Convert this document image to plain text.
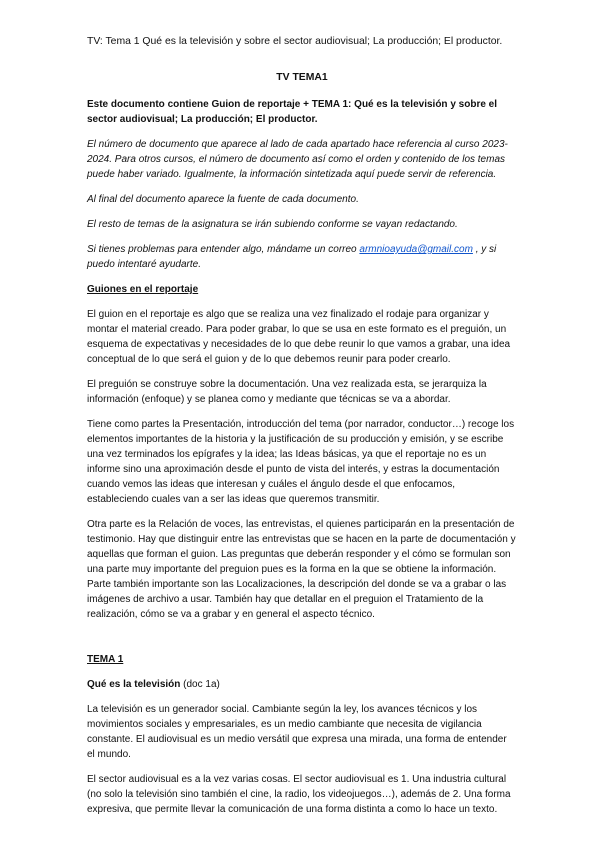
TV: Tema 1 Qué es la televisión y sobre el sector audiovisual; La producción; El productor.
TV TEMA1

Este documento contiene Guion de reportaje + TEMA 1: Qué es la televisión y sobre el sector audiovisual; La producción; El productor.

El número de documento que aparece al lado de cada apartado hace referencia al curso 2023-2024. Para otros cursos, el número de documento así como el orden y contenido de los temas puede haber variado. Igualmente, la información sintetizada aquí puede servir de referencia.

Al final del documento aparece la fuente de cada documento.

El resto de temas de la asignatura se irán subiendo conforme se vayan redactando.

Si tienes problemas para entender algo, mándame un correo armnioayuda@gmail.com , y si puedo intentaré ayudarte.

Guiones en el reportaje

El guion en el reportaje es algo que se realiza una vez finalizado el rodaje para organizar y montar el material creado. Para poder grabar, lo que se usa en este formato es el preguión, un esquema de expectativas y necesidades de lo que debe reunir lo que vamos a grabar, una idea conceptual de lo que será el guion y de lo que debemos reunir para poder crearlo.

El preguión se construye sobre la documentación. Una vez realizada esta, se jerarquiza la información (enfoque) y se planea como y mediante que técnicas se va a abordar.

Tiene como partes la Presentación, introducción del tema (por narrador, conductor…) recoge los elementos importantes de la historia y la justificación de su producción y emisión, y se escribe una vez terminados los epígrafes y la idea; las Ideas básicas, ya que el reportaje no es un informe sino una aproximación desde el punto de vista del interés, y estras la documentación cuando vemos las ideas que interesan y cuáles el ángulo desde el que enfocamos, estableciendo cuales van a ser las ideas que queremos transmitir.

Otra parte es la Relación de voces, las entrevistas, el quienes participarán en la presentación de testimonio. Hay que distinguir entre las entrevistas que se hacen en la parte de documentación y aquellas que forman el guion. Las preguntas que deberán responder y el cómo se formulan son una parte muy importante del preguion pues es la forma en la que se obtiene la información. Parte también importante son las Localizaciones, la descripción del donde se va a grabar o las imágenes de archivo a usar. También hay que detallar en el preguion el Tratamiento de la realización, cómo se va a grabar y en general el aspecto técnico.

TEMA 1
Qué es la televisión (doc 1a)

La televisión es un generador social. Cambiante según la ley, los avances técnicos y los movimientos sociales y empresariales, es un medio cambiante que necesita de vigilancia constante. El audiovisual es un medio versátil que expresa una mirada, una forma de entender el mundo.

El sector audiovisual es a la vez varias cosas. El sector audiovisual es 1. Una industria cultural (no solo la televisión sino también el cine, la radio, los videojuegos…), además de 2. Una forma expresiva, que permite llevar la comunicación de una forma distinta a como lo hace un texto.
